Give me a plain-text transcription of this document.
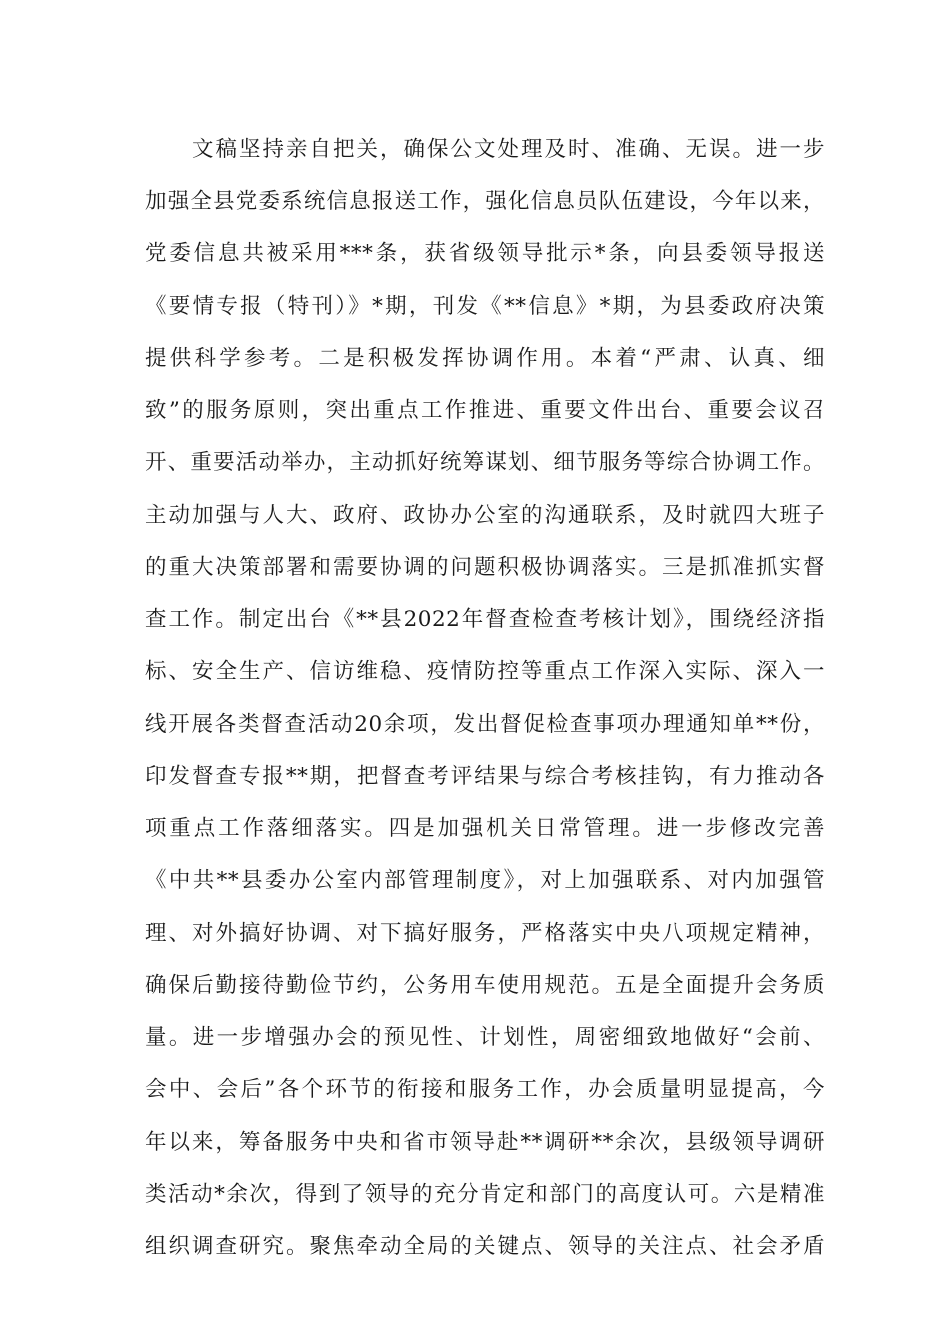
文稿坚持亲自把关，确保公文处理及时、准确、无误。进一步
加强全县党委系统信息报送工作，强化信息员队伍建设，今年以来，
党委信息共被采用***条，获省级领导批示*条，向县委领导报送
《要情专报（特刊）》*期，刊发《**信息》*期，为县委政府决策
提供科学参考。二是积极发挥协调作用。本着“严肃、认真、细
致”的服务原则，突出重点工作推进、重要文件出台、重要会议召
开、重要活动举办，主动抓好统筹谋划、细节服务等综合协调工作。
主动加强与人大、政府、政协办公室的沟通联系，及时就四大班子
的重大决策部署和需要协调的问题积极协调落实。三是抓准抓实督
查工作。制定出台《**县2022年督查检查考核计划》，围绕经济指
标、安全生产、信访维稳、疫情防控等重点工作深入实际、深入一
线开展各类督查活动20余项，发出督促检查事项办理通知单**份，
印发督查专报**期，把督查考评结果与综合考核挂钩，有力推动各
项重点工作落细落实。四是加强机关日常管理。进一步修改完善
《中共**县委办公室内部管理制度》，对上加强联系、对内加强管
理、对外搞好协调、对下搞好服务，严格落实中央八项规定精神，
确保后勤接待勤俭节约，公务用车使用规范。五是全面提升会务质
量。进一步增强办会的预见性、计划性，周密细致地做好“会前、
会中、会后”各个环节的衔接和服务工作，办会质量明显提高，今
年以来，筹备服务中央和省市领导赴**调研**余次，县级领导调研
类活动*余次，得到了领导的充分肯定和部门的高度认可。六是精准
组织调查研究。聚焦牵动全局的关键点、领导的关注点、社会矛盾
